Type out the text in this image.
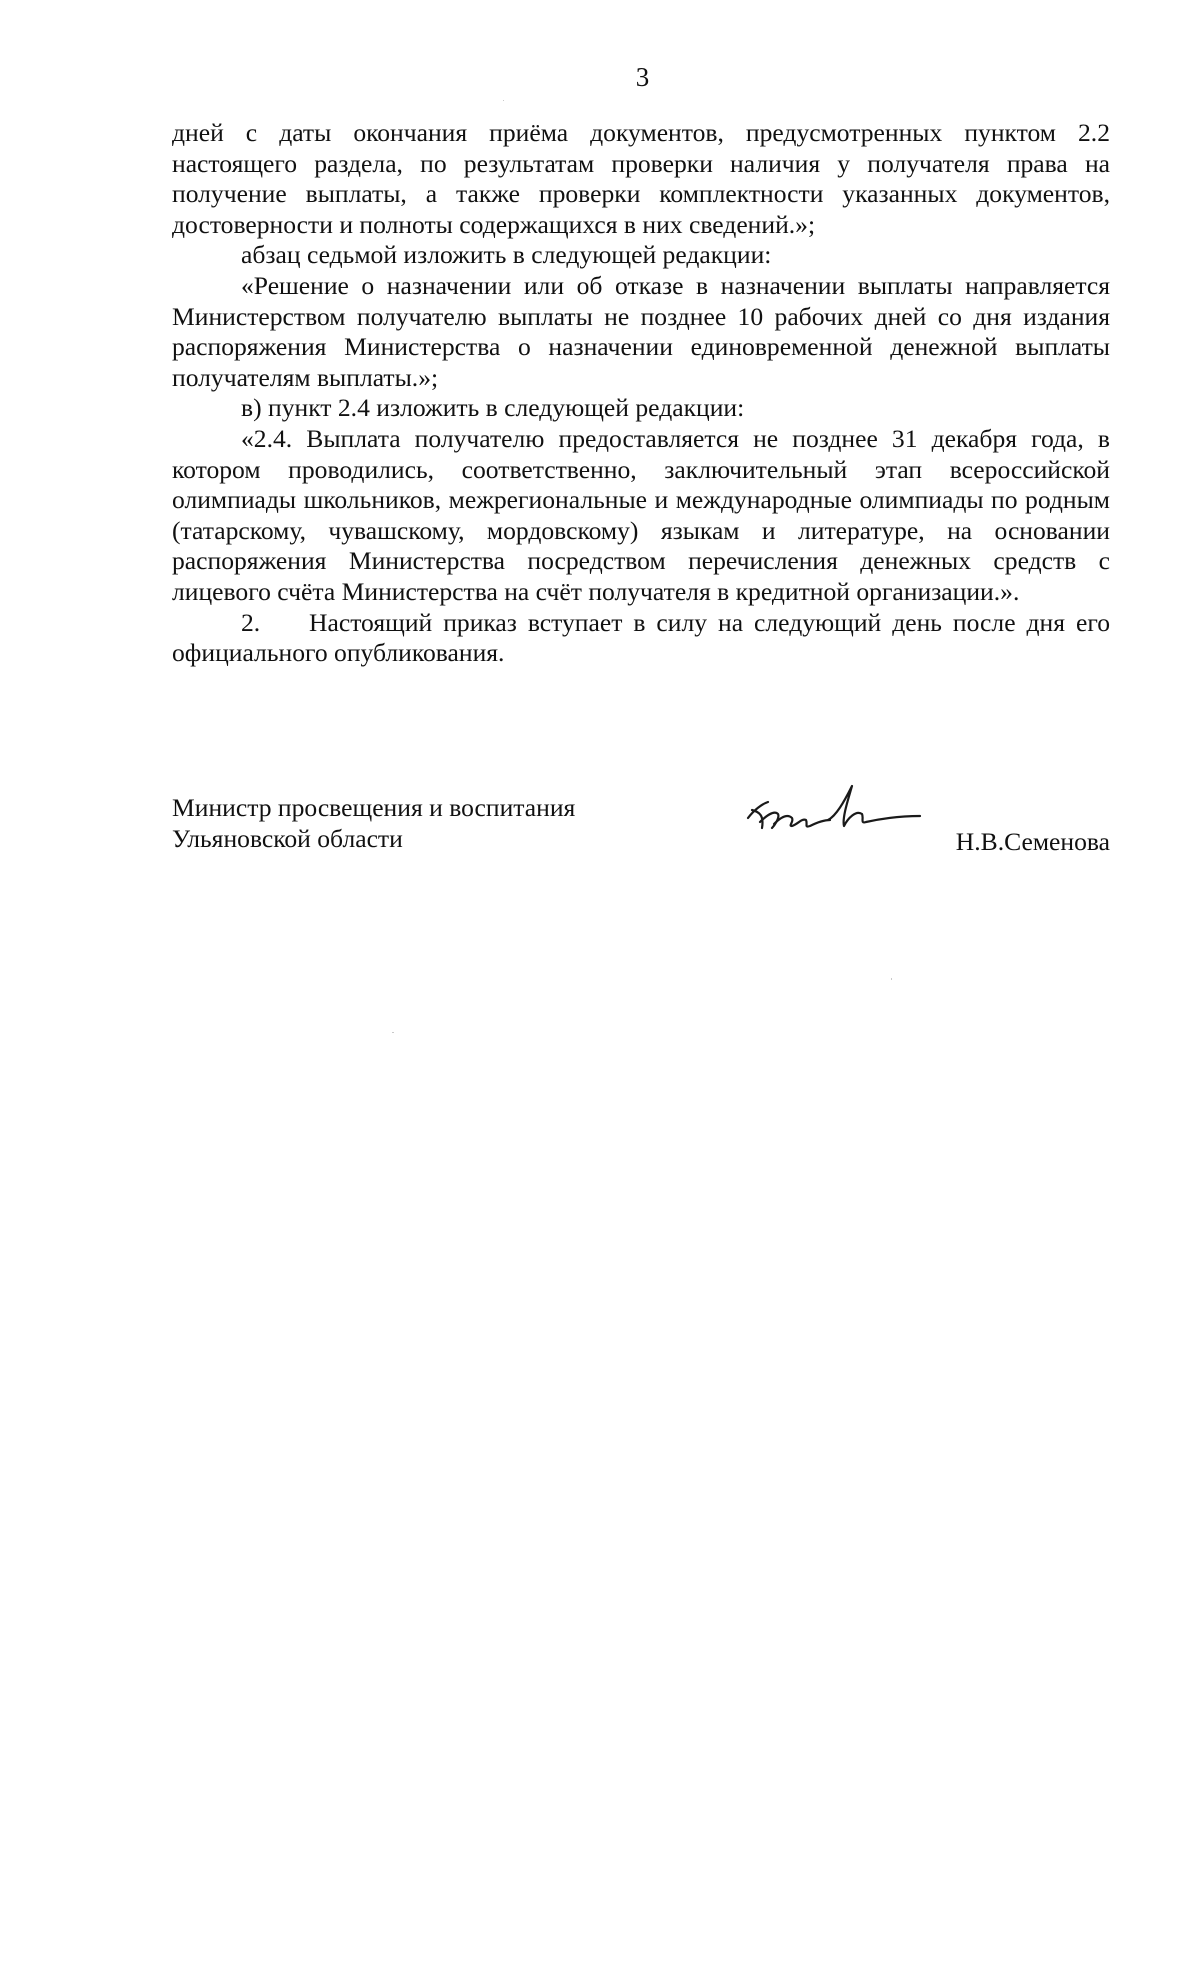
3

дней с даты окончания приёма документов, предусмотренных пунктом 2.2 настоящего раздела, по результатам проверки наличия у получателя права на получение выплаты, а также проверки комплектности указанных документов, достоверности и полноты содержащихся в них сведений.»;

абзац седьмой изложить в следующей редакции:

«Решение о назначении или об отказе в назначении выплаты направляется Министерством получателю выплаты не позднее 10 рабочих дней со дня издания распоряжения Министерства о назначении единовременной денежной выплаты получателям выплаты.»;

в) пункт 2.4 изложить в следующей редакции:

«2.4. Выплата получателю предоставляется не позднее 31 декабря года, в котором проводились, соответственно, заключительный этап всероссийской олимпиады школьников, межрегиональные и международные олимпиады по родным (татарскому, чувашскому, мордовскому) языкам и литературе, на основании распоряжения Министерства посредством перечисления денежных средств с лицевого счёта Министерства на счёт получателя в кредитной организации.».

2. Настоящий приказ вступает в силу на следующий день после дня его официального опубликования.

Министр просвещения и воспитания
Ульяновской области	Н.В.Семенова
